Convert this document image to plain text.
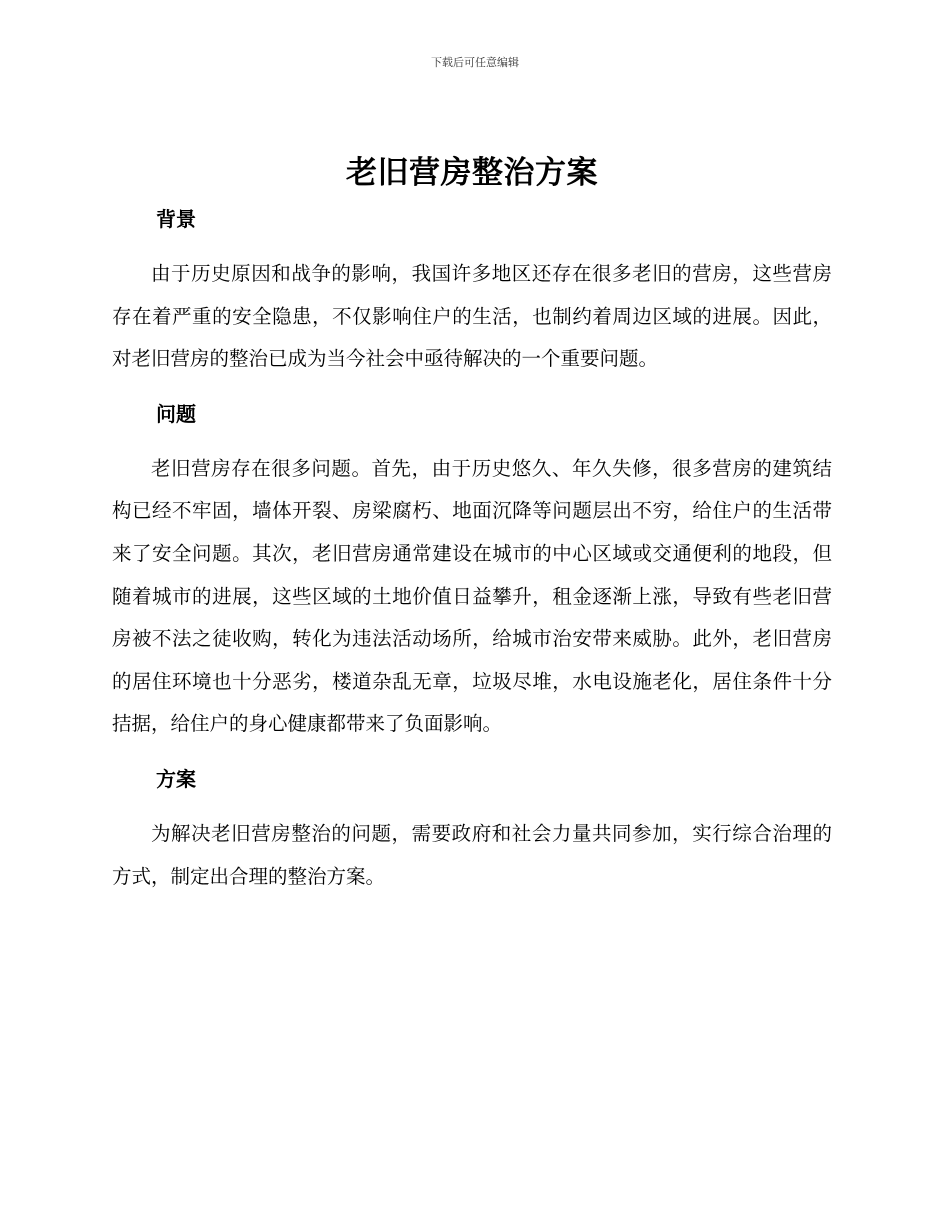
下载后可任意编辑
老旧营房整治方案
背景

由于历史原因和战争的影响，我国许多地区还存在很多老旧的营房，这些营房存在着严重的安全隐患，不仅影响住户的生活，也制约着周边区域的进展。因此，对老旧营房的整治已成为当今社会中亟待解决的一个重要问题。

问题

老旧营房存在很多问题。首先，由于历史悠久、年久失修，很多营房的建筑结构已经不牢固，墙体开裂、房梁腐朽、地面沉降等问题层出不穷，给住户的生活带来了安全问题。其次，老旧营房通常建设在城市的中心区域或交通便利的地段，但随着城市的进展，这些区域的土地价值日益攀升，租金逐渐上涨，导致有些老旧营房被不法之徒收购，转化为违法活动场所，给城市治安带来威胁。此外，老旧营房的居住环境也十分恶劣，楼道杂乱无章，垃圾尽堆，水电设施老化，居住条件十分拮据，给住户的身心健康都带来了负面影响。

方案

为解决老旧营房整治的问题，需要政府和社会力量共同参加，实行综合治理的方式，制定出合理的整治方案。
